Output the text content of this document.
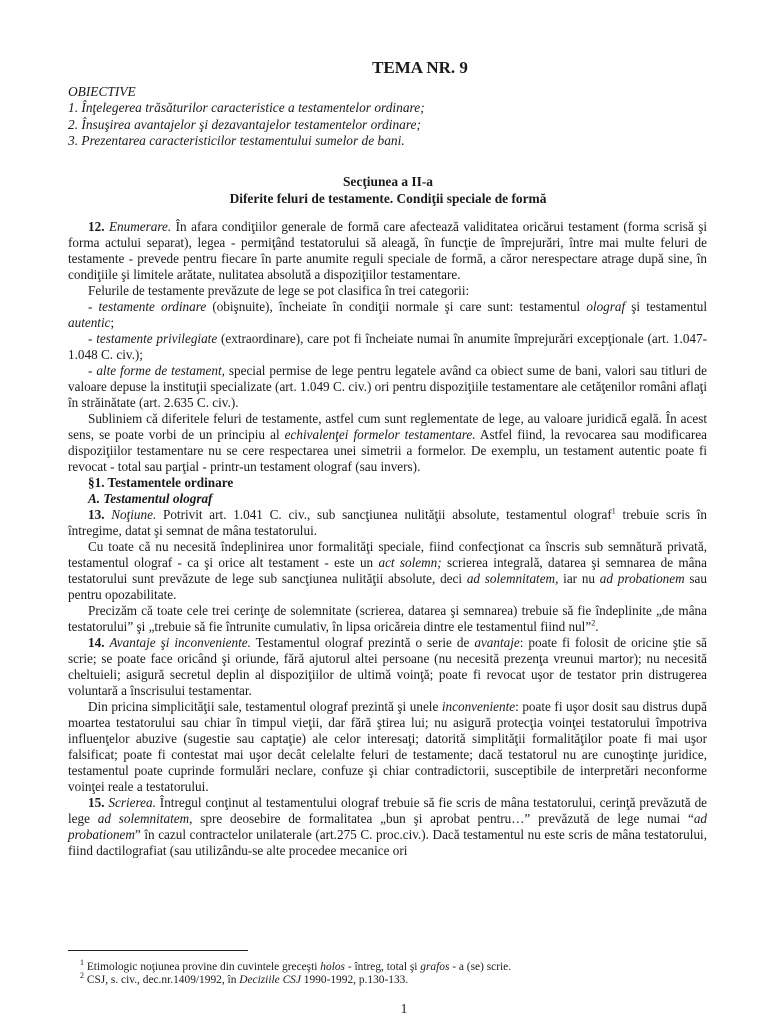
TEMA NR. 9
OBIECTIVE
1. Înţelegerea trăsăturilor caracteristice a testamentelor ordinare;
2. Însuşirea avantajelor şi dezavantajelor testamentelor ordinare;
3. Prezentarea caracteristicilor testamentului sumelor de bani.
Secţiunea a II-a
Diferite feluri de testamente. Condiţii speciale de formă

12. Enumerare. În afara condiţiilor generale de formă care afectează validitatea oricărui testament (forma scrisă şi forma actului separat), legea - permiţând testatorului să aleagă, în funcţie de împrejurări, între mai multe feluri de testamente - prevede pentru fiecare în parte anumite reguli speciale de formă, a căror nerespectare atrage după sine, în condiţiile şi limitele arătate, nulitatea absolută a dispoziţiilor testamentare.

Felurile de testamente prevăzute de lege se pot clasifica în trei categorii:

- testamente ordinare (obişnuite), încheiate în condiţii normale şi care sunt: testamentul olograf şi testamentul autentic;

- testamente privilegiate (extraordinare), care pot fi încheiate numai în anumite împrejurări excepţionale (art. 1.047-1.048 C. civ.);

- alte forme de testament, special permise de lege pentru legatele având ca obiect sume de bani, valori sau titluri de valoare depuse la instituţii specializate (art. 1.049 C. civ.) ori pentru dispoziţiile testamentare ale cetăţenilor români aflaţi în străinătate (art. 2.635 C. civ.).

Subliniem că diferitele feluri de testamente, astfel cum sunt reglementate de lege, au valoare juridică egală. În acest sens, se poate vorbi de un principiu al echivalenţei formelor testamentare. Astfel fiind, la revocarea sau modificarea dispoziţiilor testamentare nu se cere respectarea unei simetrii a formelor. De exemplu, un testament autentic poate fi revocat - total sau parţial - printr-un testament olograf (sau invers).

§1. Testamentele ordinare

A. Testamentul olograf

13. Noţiune. Potrivit art. 1.041 C. civ., sub sancţiunea nulităţii absolute, testamentul olograf$^1$ trebuie scris în întregime, datat şi semnat de mâna testatorului.

Cu toate că nu necesită îndeplinirea unor formalităţi speciale, fiind confecţionat ca înscris sub semnătură privată, testamentul olograf - ca şi orice alt testament - este un act solemn; scrierea integrală, datarea şi semnarea de mâna testatorului sunt prevăzute de lege sub sancţiunea nulităţii absolute, deci ad solemnitatem, iar nu ad probationem sau pentru opozabilitate.

Precizăm că toate cele trei cerinţe de solemnitate (scrierea, datarea şi semnarea) trebuie să fie îndeplinite „de mâna testatorului” şi „trebuie să fie întrunite cumulativ, în lipsa oricăreia dintre ele testamentul fiind nul”$^2$.

14. Avantaje şi inconveniente. Testamentul olograf prezintă o serie de avantaje: poate fi folosit de oricine ştie să scrie; se poate face oricând şi oriunde, fără ajutorul altei persoane (nu necesită prezenţa vreunui martor); nu necesită cheltuieli; asigură secretul deplin al dispoziţiilor de ultimă voinţă; poate fi revocat uşor de testator prin distrugerea voluntară a înscrisului testamentar.

Din pricina simplicităţii sale, testamentul olograf prezintă şi unele inconveniente: poate fi uşor dosit sau distrus după moartea testatorului sau chiar în timpul vieţii, dar fără ştirea lui; nu asigură protecţia voinţei testatorului împotriva influenţelor abuzive (sugestie sau captaţie) ale celor interesaţi; datorită simplităţii formalităţilor poate fi mai uşor falsificat; poate fi contestat mai uşor decât celelalte feluri de testamente; dacă testatorul nu are cunoştinţe juridice, testamentul poate cuprinde formulări neclare, confuze şi chiar contradictorii, susceptibile de interpretări neconforme voinţei reale a testatorului.

15. Scrierea. Întregul conţinut al testamentului olograf trebuie să fie scris de mâna testatorului, cerinţă prevăzută de lege ad solemnitatem, spre deosebire de formalitatea „bun şi aprobat pentru…” prevăzută de lege numai “ad probationem” în cazul contractelor unilaterale (art.275 C. proc.civ.). Dacă testamentul nu este scris de mâna testatorului, fiind dactilografiat (sau utilizându-se alte procedee mecanice ori

$^1$ Etimologic noţiunea provine din cuvintele greceşti holos - întreg, total şi grafos - a (se) scrie.
$^2$ CSJ, s. civ., dec.nr.1409/1992, în Deciziile CSJ 1990-1992, p.130-133.
1
